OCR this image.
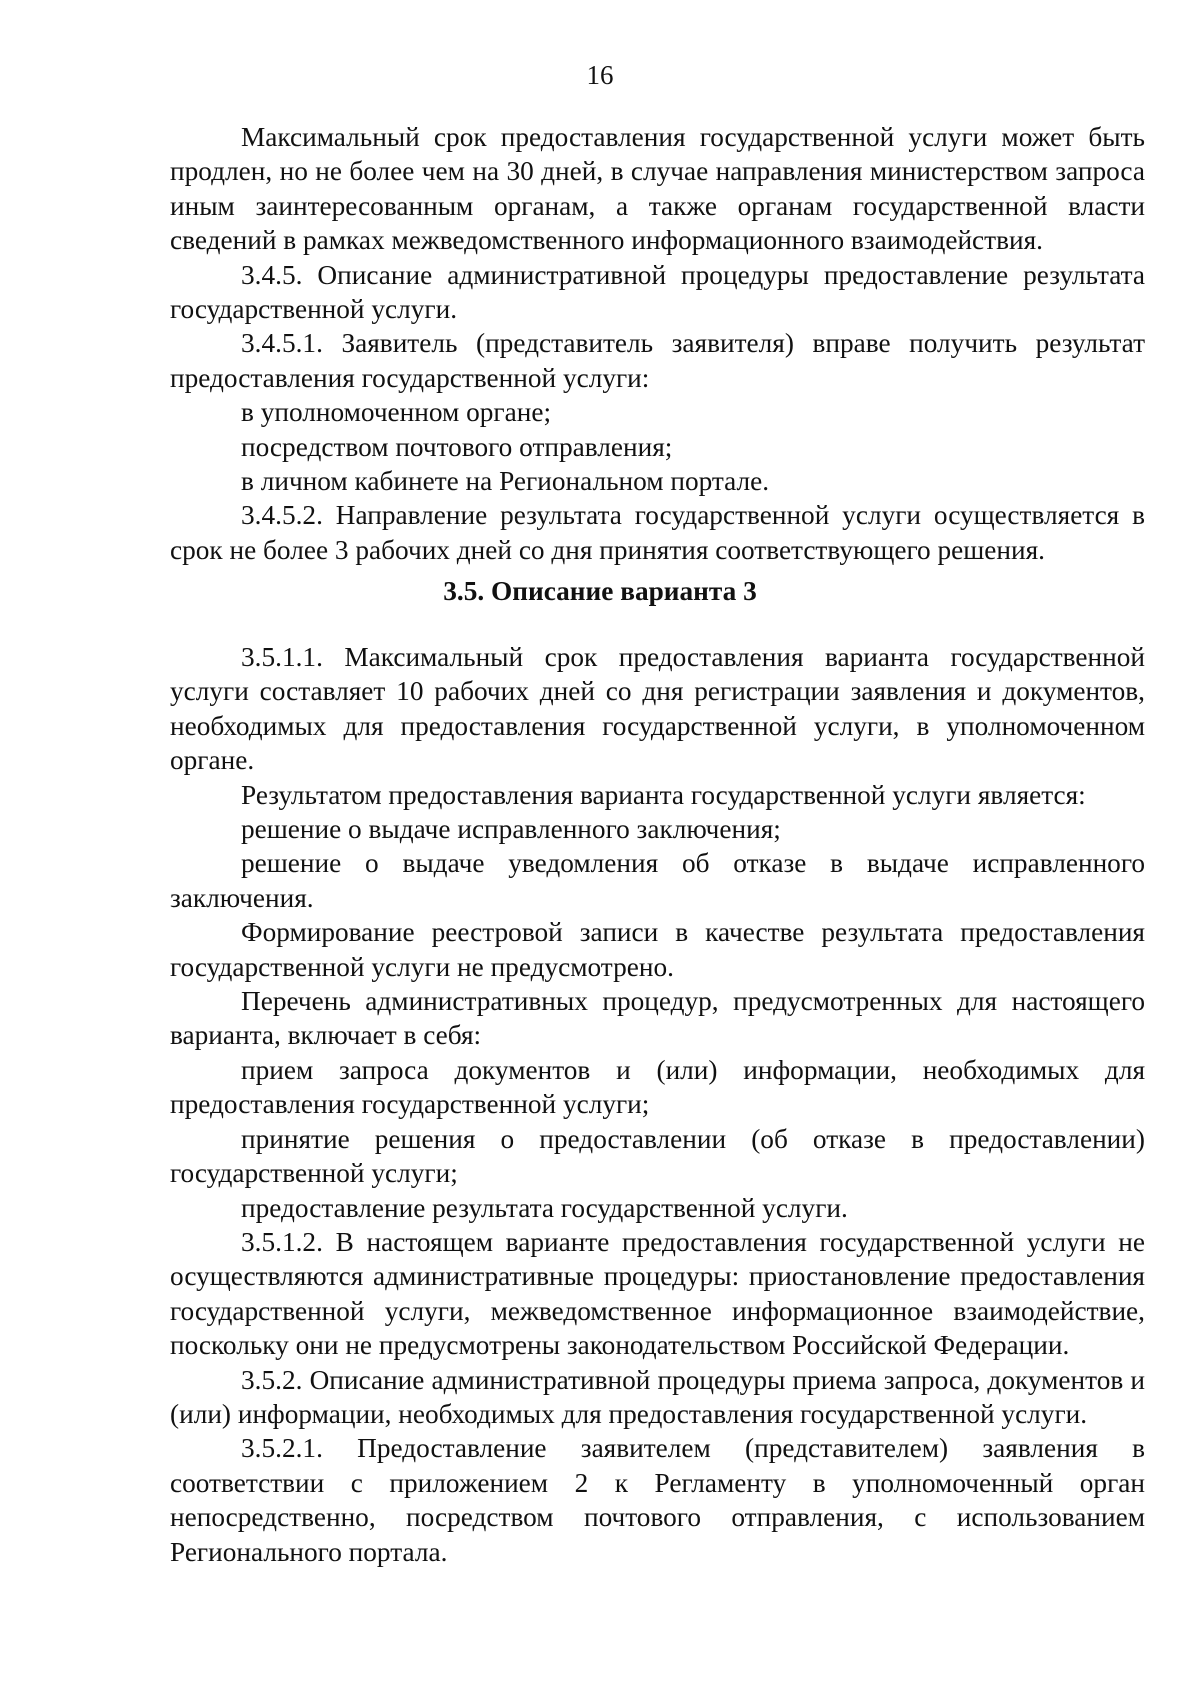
16

Максимальный срок предоставления государственной услуги может быть продлен, но не более чем на 30 дней, в случае направления министерством запроса иным заинтересованным органам, а также органам государственной власти сведений в рамках межведомственного информационного взаимодействия.

3.4.5. Описание административной процедуры предоставление результата государственной услуги.

3.4.5.1. Заявитель (представитель заявителя) вправе получить результат предоставления государственной услуги:

в уполномоченном органе;

посредством почтового отправления;

в личном кабинете на Региональном портале.

3.4.5.2. Направление результата государственной услуги осуществляется в срок не более 3 рабочих дней со дня принятия соответствующего решения.

3.5. Описание варианта 3

3.5.1.1. Максимальный срок предоставления варианта государственной услуги составляет 10 рабочих дней со дня регистрации заявления и документов, необходимых для предоставления государственной услуги, в уполномоченном органе.

Результатом предоставления варианта государственной услуги является:

решение о выдаче исправленного заключения;

решение о выдаче уведомления об отказе в выдаче исправленного заключения.

Формирование реестровой записи в качестве результата предоставления государственной услуги не предусмотрено.

Перечень административных процедур, предусмотренных для настоящего варианта, включает в себя:

прием запроса документов и (или) информации, необходимых для предоставления государственной услуги;

принятие решения о предоставлении (об отказе в предоставлении) государственной услуги;

предоставление результата государственной услуги.

3.5.1.2. В настоящем варианте предоставления государственной услуги не осуществляются административные процедуры: приостановление предоставления государственной услуги, межведомственное информационное взаимодействие, поскольку они не предусмотрены законодательством Российской Федерации.

3.5.2. Описание административной процедуры приема запроса, документов и (или) информации, необходимых для предоставления государственной услуги.

3.5.2.1. Предоставление заявителем (представителем) заявления в соответствии с приложением 2 к Регламенту в уполномоченный орган непосредственно, посредством почтового отправления, с использованием Регионального портала.
